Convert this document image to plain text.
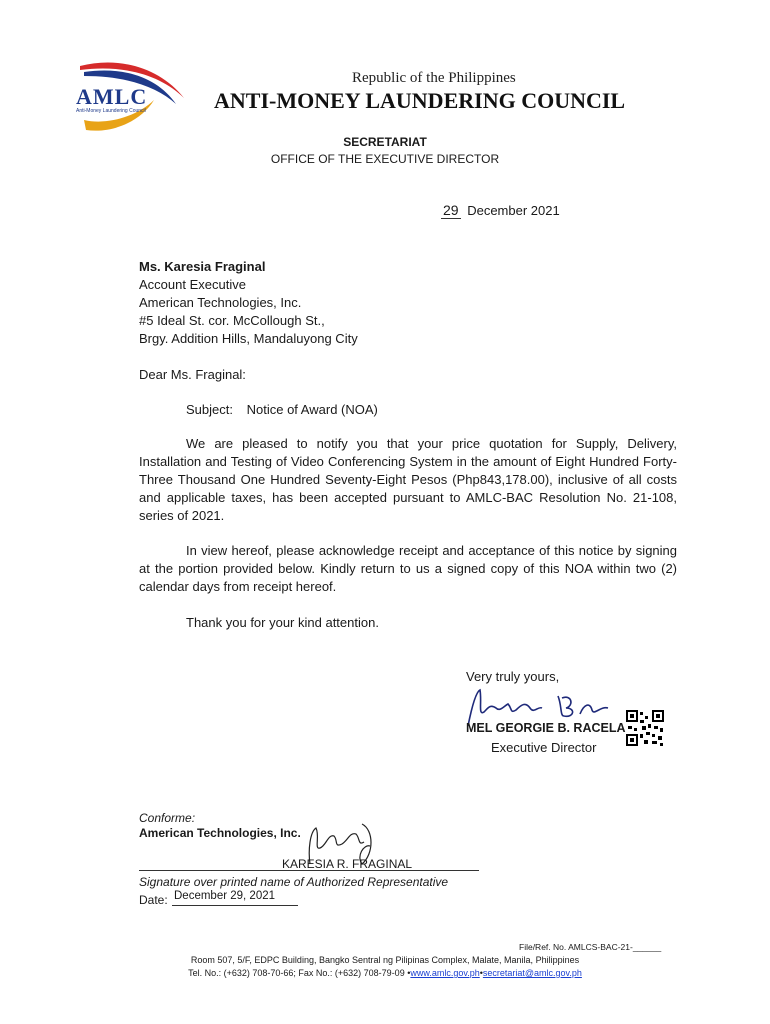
AMLC
Anti-Money Laundering Council
Republic of the Philippines
ANTI-MONEY LAUNDERING COUNCIL
SECRETARIAT
OFFICE OF THE EXECUTIVE DIRECTOR
29 December 2021
Ms. Karesia Fraginal
Account Executive
American Technologies, Inc.
#5 Ideal St. cor. McCollough St.,
Brgy. Addition Hills, Mandaluyong City
Dear Ms. Fraginal:
Subject: Notice of Award (NOA)
We are pleased to notify you that your price quotation for Supply, Delivery, Installation and Testing of Video Conferencing System in the amount of Eight Hundred Forty-Three Thousand One Hundred Seventy-Eight Pesos (Php843,178.00), inclusive of all costs and applicable taxes, has been accepted pursuant to AMLC-BAC Resolution No. 21-108, series of 2021.
In view hereof, please acknowledge receipt and acceptance of this notice by signing at the portion provided below. Kindly return to us a signed copy of this NOA within two (2) calendar days from receipt hereof.
Thank you for your kind attention.
Very truly yours,
MEL GEORGIE B. RACELA
Executive Director
Conforme:
American Technologies, Inc.
KARESIA R. FRAGINAL
Signature over printed name of Authorized Representative
Date: December 29, 2021
File/Ref. No. AMLCS-BAC-21-______
Room 507, 5/F, EDPC Building, Bangko Sentral ng Pilipinas Complex, Malate, Manila, Philippines
Tel. No.: (+632) 708-70-66; Fax No.: (+632) 708-79-09 •www.amlc.gov.ph•secretariat@amlc.gov.ph
